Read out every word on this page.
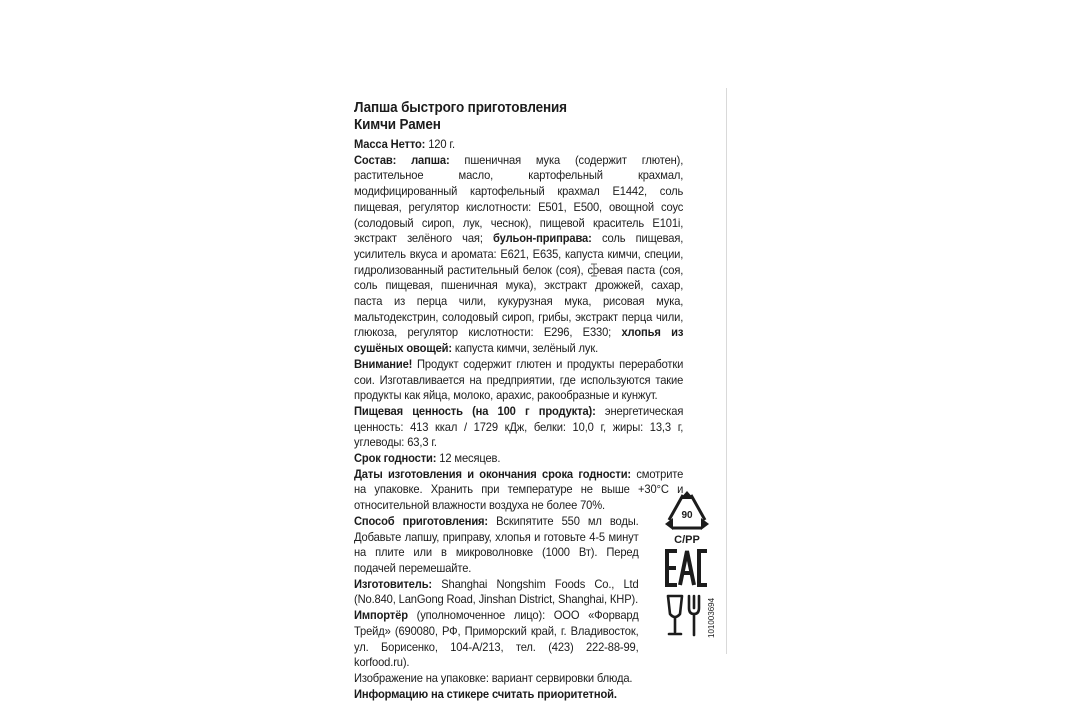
Лапша быстрого приготовления
Кимчи Рамен

Масса Нетто: 120 г.

Состав: лапша: пшеничная мука (содержит глютен), растительное масло, картофельный крахмал, модифицированный картофельный крахмал Е1442, соль пищевая, регулятор кислотности: Е501, Е500, овощной соус (солодовый сироп, лук, чеснок), пищевой краситель Е101i, экстракт зелёного чая; бульон-приправа: соль пищевая, усилитель вкуса и аромата: Е621, Е635, капуста кимчи, специи, гидролизованный растительный белок (соя), соевая паста (соя, соль пищевая, пшеничная мука), экстракт дрожжей, сахар, паста из перца чили, кукурузная мука, рисовая мука, мальтодекстрин, солодовый сироп, грибы, экстракт перца чили, глюкоза, регулятор кислотности: Е296, Е330; хлопья из сушёных овощей: капуста кимчи, зелёный лук.

Внимание! Продукт содержит глютен и продукты переработки сои. Изготавливается на предприятии, где используются такие продукты как яйца, молоко, арахис, ракообразные и кунжут.

Пищевая ценность (на 100 г продукта): энергетическая ценность: 413 ккал / 1729 кДж, белки: 10,0 г, жиры: 13,3 г, углеводы: 63,3 г.

Срок годности: 12 месяцев.

Даты изготовления и окончания срока годности: смотрите на упаковке. Хранить при температуре не выше +30°С и относительной влажности воздуха не более 70%.

Способ приготовления: Вскипятите 550 мл воды. Добавьте лапшу, приправу, хлопья и готовьте 4-5 минут на плите или в микроволновке (1000 Вт). Перед подачей перемешайте.

Изготовитель: Shanghai Nongshim Foods Co., Ltd (No.840, LanGong Road, Jinshan District, Shanghai, КНР).

Импортёр (уполномоченное лицо): ООО «Форвард Трейд» (690080, РФ, Приморский край, г. Владивосток, ул. Борисенко, 104-А/213, тел. (423) 222-88-99, korfood.ru).

Изображение на упаковке: вариант сервировки блюда.

Информацию на стикере считать приоритетной.

90
C/PP
101003694
